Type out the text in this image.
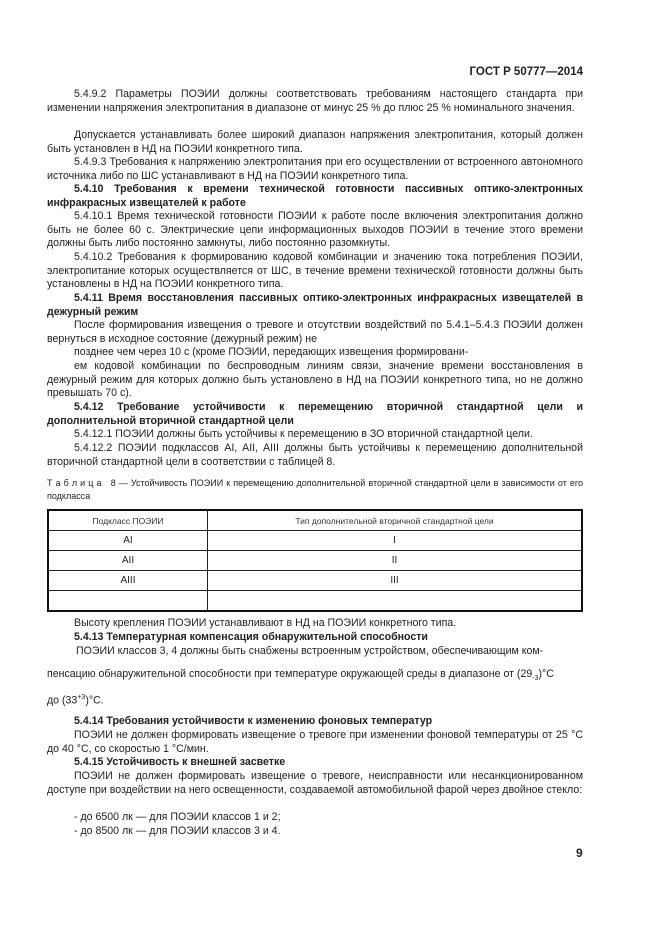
ГОСТ Р 50777—2014

5.4.9.2 Параметры ПОЭИИ должны соответствовать требованиям настоящего стандарта при изменении напряжения электропитания в диапазоне от минус 25 % до плюс 25 % номинального значения.

Допускается устанавливать более широкий диапазон напряжения электропитания, который должен быть установлен в НД на ПОЭИИ конкретного типа.

5.4.9.3 Требования к напряжению электропитания при его осуществлении от встроенного автономного источника либо по ШС устанавливают в НД на ПОЭИИ конкретного типа.

5.4.10 Требования к времени технической готовности пассивных оптико-электронных инфракрасных извещателей к работе

5.4.10.1 Время технической готовности ПОЭИИ к работе после включения электропитания должно быть не более 60 с. Электрические цепи информационных выходов ПОЭИИ в течение этого времени должны быть либо постоянно замкнуты, либо постоянно разомкнуты.

5.4.10.2 Требования к формированию кодовой комбинации и значению тока потребления ПОЭИИ, электропитание которых осуществляется от ШС, в течение времени технической готовности должны быть установлены в НД на ПОЭИИ конкретного типа.

5.4.11 Время восстановления пассивных оптико-электронных инфракрасных извещателей в дежурный режим

После формирования извещения о тревоге и отсутствии воздействий по 5.4.1–5.4.3 ПОЭИИ должен вернуться в исходное состояние (дежурный режим) не

позднее чем через 10 с (кроме ПОЭИИ, передающих извещения формировани-

ем кодовой комбинации по беспроводным линиям связи, значение времени восстановления в дежурный режим для которых должно быть установлено в НД на ПОЭИИ конкретного типа, но не должно превышать 70 с).

5.4.12 Требование устойчивости к перемещению вторичной стандартной цели и дополнительной вторичной стандартной цели

5.4.12.1 ПОЭИИ должны быть устойчивы к перемещению в ЗО вторичной стандартной цели.

5.4.12.2 ПОЭИИ подклассов AI, AII, AIII должны быть устойчивы к перемещению дополнительной вторичной стандартной цели в соответствии с таблицей 8.

Т а б л и ц а   8 — Устойчивость ПОЭИИ к перемещению дополнительной вторичной стандартной цели в зависимости от его подкласса

Подкласс ПОЭИИ	Тип дополнительной вторичной стандартной цели
AI	I
AII	II
AIII	III

Высоту крепления ПОЭИИ устанавливают в НД на ПОЭИИ конкретного типа.

5.4.13 Температурная компенсация обнаружительной способности

ПОЭИИ классов 3, 4 должны быть снабжены встроенным устройством, обеспечивающим ком-

пенсацию обнаружительной способности при температуре окружающей среды в диапазоне от $(29_{-3})^\circ C$

до $(33^{+3})^\circ C$.

5.4.14 Требования устойчивости к изменению фоновых температур

ПОЭИИ не должен формировать извещение о тревоге при изменении фоновой температуры от 25 °C до 40 °C, со скоростью 1 °C/мин.

5.4.15 Устойчивость к внешней засветке

ПОЭИИ не должен формировать извещение о тревоге, неисправности или несанкционированном доступе при воздействии на него освещенности, создаваемой автомобильной фарой через двойное стекло:

- до 6500 лк — для ПОЭИИ классов 1 и 2;

- до 8500 лк — для ПОЭИИ классов 3 и 4.

9
